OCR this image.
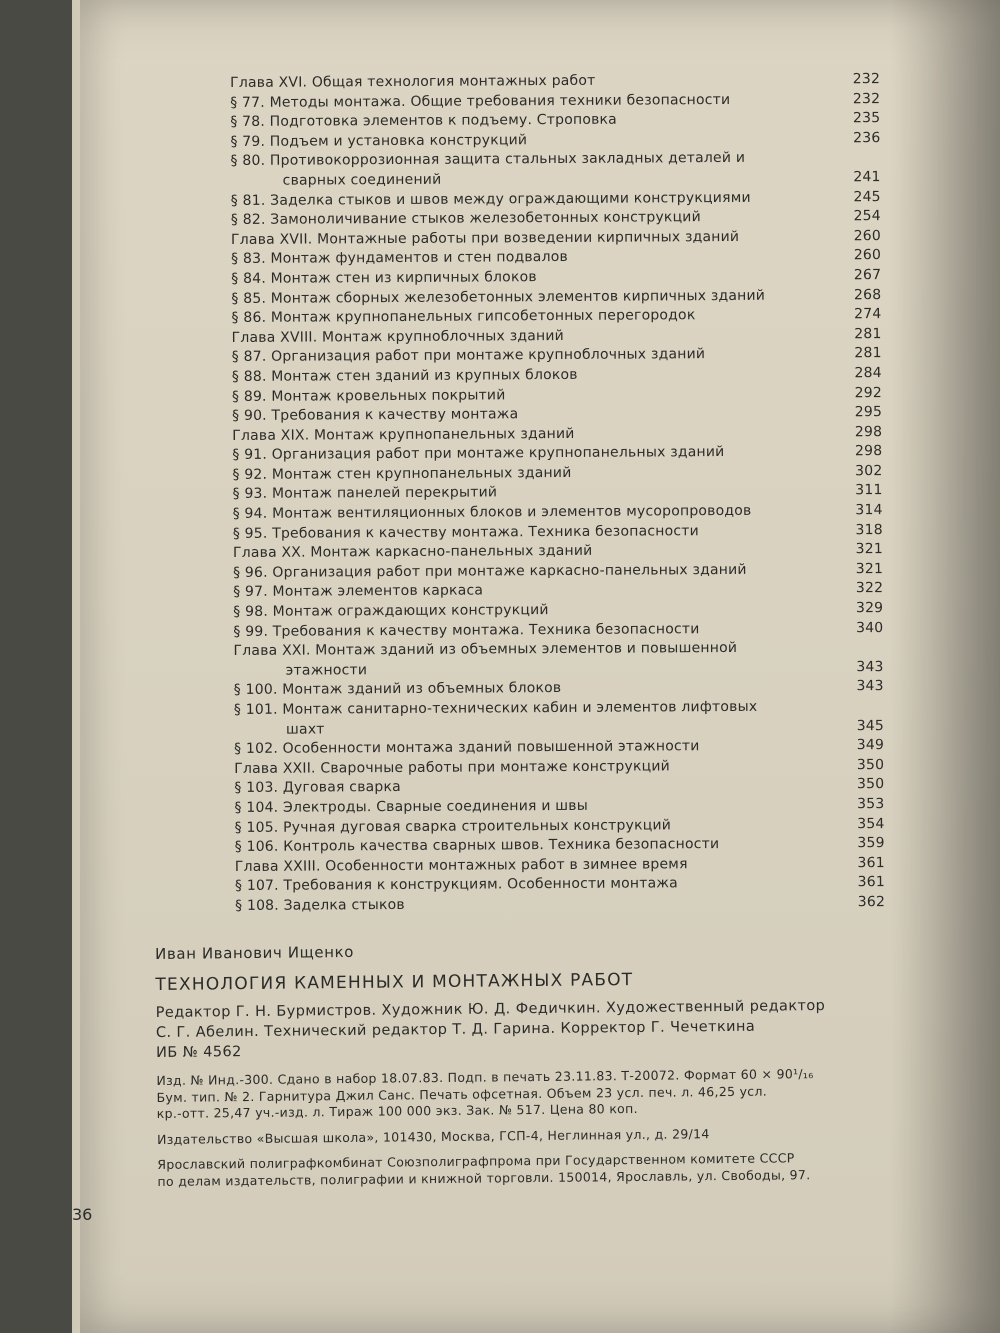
36
Глава XVI. Общая технология монтажных работ	232
§ 77. Методы монтажа. Общие требования техники безопасности	232
§ 78. Подготовка элементов к подъему. Строповка	235
§ 79. Подъем и установка конструкций	236
§ 80. Противокоррозионная защита стальных закладных деталей и
сварных соединений	241
§ 81. Заделка стыков и швов между ограждающими конструкциями	245
§ 82. Замоноличивание стыков железобетонных конструкций	254
Глава XVII. Монтажные работы при возведении кирпичных зданий	260
§ 83. Монтаж фундаментов и стен подвалов	260
§ 84. Монтаж стен из кирпичных блоков	267
§ 85. Монтаж сборных железобетонных элементов кирпичных зданий	268
§ 86. Монтаж крупнопанельных гипсобетонных перегородок	274
Глава XVIII. Монтаж крупноблочных зданий	281
§ 87. Организация работ при монтаже крупноблочных зданий	281
§ 88. Монтаж стен зданий из крупных блоков	284
§ 89. Монтаж кровельных покрытий	292
§ 90. Требования к качеству монтажа	295
Глава XIX. Монтаж крупнопанельных зданий	298
§ 91. Организация работ при монтаже крупнопанельных зданий	298
§ 92. Монтаж стен крупнопанельных зданий	302
§ 93. Монтаж панелей перекрытий	311
§ 94. Монтаж вентиляционных блоков и элементов мусоропроводов	314
§ 95. Требования к качеству монтажа. Техника безопасности	318
Глава XX. Монтаж каркасно-панельных зданий	321
§ 96. Организация работ при монтаже каркасно-панельных зданий	321
§ 97. Монтаж элементов каркаса	322
§ 98. Монтаж ограждающих конструкций	329
§ 99. Требования к качеству монтажа. Техника безопасности	340
Глава XXI. Монтаж зданий из объемных элементов и повышенной
этажности	343
§ 100. Монтаж зданий из объемных блоков	343
§ 101. Монтаж санитарно-технических кабин и элементов лифтовых
шахт	345
§ 102. Особенности монтажа зданий повышенной этажности	349
Глава XXII. Сварочные работы при монтаже конструкций	350
§ 103. Дуговая сварка	350
§ 104. Электроды. Сварные соединения и швы	353
§ 105. Ручная дуговая сварка строительных конструкций	354
§ 106. Контроль качества сварных швов. Техника безопасности	359
Глава XXIII. Особенности монтажных работ в зимнее время	361
§ 107. Требования к конструкциям. Особенности монтажа	361
§ 108. Заделка стыков	362
Иван Иванович Ищенко
ТЕХНОЛОГИЯ КАМЕННЫХ И МОНТАЖНЫХ РАБОТ
Редактор Г. Н. Бурмистров. Художник Ю. Д. Федичкин. Художественный редактор
С. Г. Абелин. Технический редактор Т. Д. Гарина. Корректор Г. Чечеткина
ИБ № 4562
Изд. № Инд.-300. Сдано в набор 18.07.83. Подп. в печать 23.11.83. Т-20072. Формат 60 × 90¹/₁₆
Бум. тип. № 2. Гарнитура Джил Санс. Печать офсетная. Объем 23 усл. печ. л. 46,25 усл.
кр.-отт. 25,47 уч.-изд. л. Тираж 100 000 экз. Зак. № 517. Цена 80 коп.
Издательство «Высшая школа», 101430, Москва, ГСП-4, Неглинная ул., д. 29/14
Ярославский полиграфкомбинат Союзполиграфпрома при Государственном комитете СССР
по делам издательств, полиграфии и книжной торговли. 150014, Ярославль, ул. Свободы, 97.
